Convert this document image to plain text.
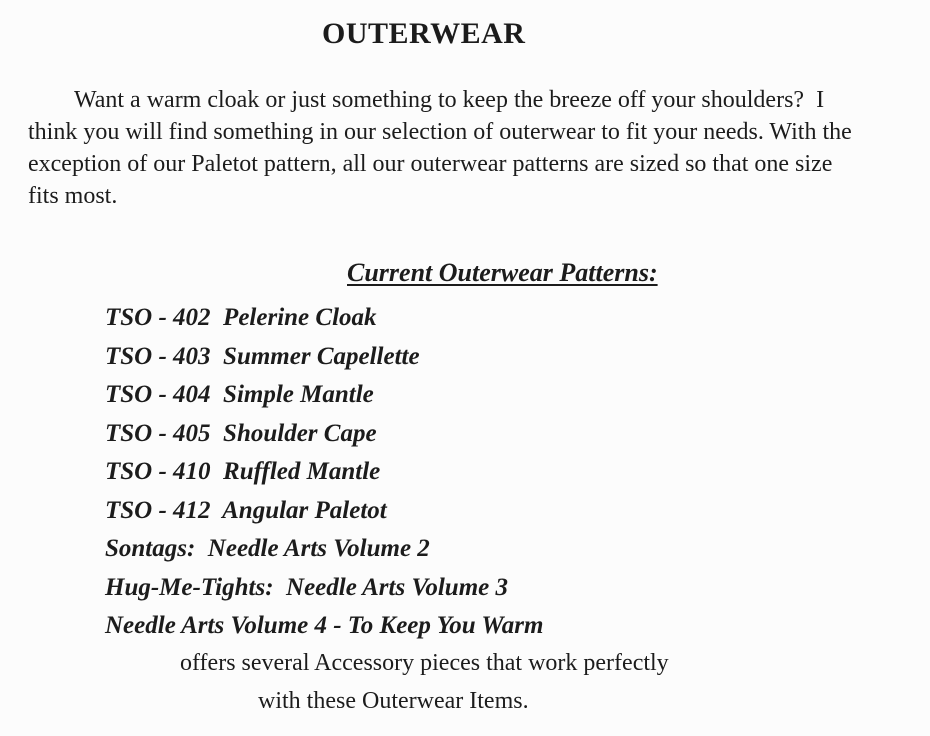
OUTERWEAR
Want a warm cloak or just something to keep the breeze off your shoulders?  I
think you will find something in our selection of outerwear to fit your needs. With the
exception of our Paletot pattern, all our outerwear patterns are sized so that one size
fits most.
Current Outerwear Patterns:
TSO - 402  Pelerine Cloak
TSO - 403  Summer Capellette
TSO - 404  Simple Mantle
TSO - 405  Shoulder Cape
TSO - 410  Ruffled Mantle
TSO - 412  Angular Paletot
Sontags:  Needle Arts Volume 2
Hug-Me-Tights:  Needle Arts Volume 3
Needle Arts Volume 4 - To Keep You Warm
offers several Accessory pieces that work perfectly
with these Outerwear Items.
